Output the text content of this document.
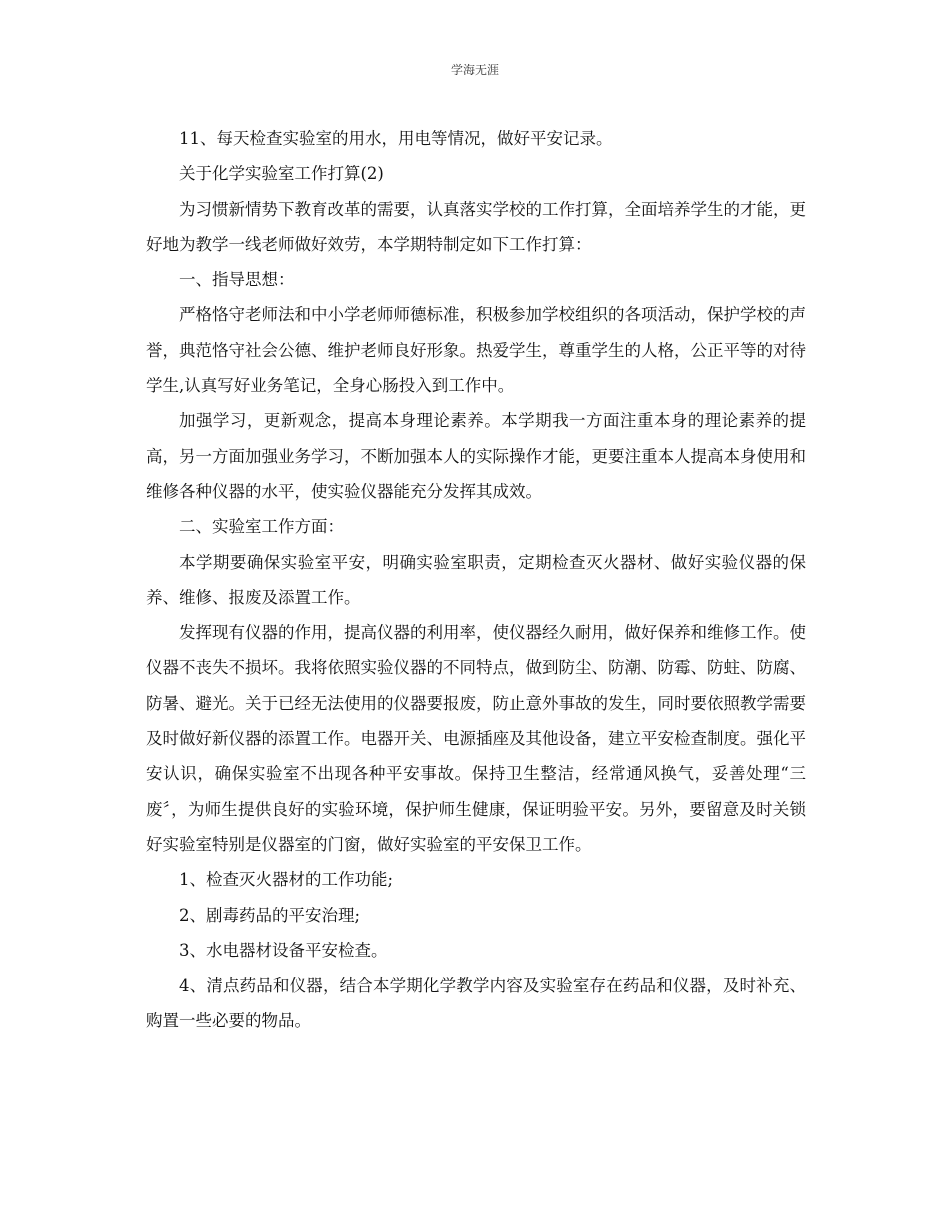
学海无涯

11、每天检查实验室的用水，用电等情况，做好平安记录。

关于化学实验室工作打算(2)

为习惯新情势下教育改革的需要，认真落实学校的工作打算，全面培养学生的才能，更好地为教学一线老师做好效劳，本学期特制定如下工作打算：

一、指导思想：

严格恪守老师法和中小学老师师德标准，积极参加学校组织的各项活动，保护学校的声誉，典范恪守社会公德、维护老师良好形象。热爱学生，尊重学生的人格，公正平等的对待学生,认真写好业务笔记，全身心肠投入到工作中。

加强学习，更新观念，提高本身理论素养。本学期我一方面注重本身的理论素养的提高，另一方面加强业务学习，不断加强本人的实际操作才能，更要注重本人提高本身使用和维修各种仪器的水平，使实验仪器能充分发挥其成效。

二、实验室工作方面：

本学期要确保实验室平安，明确实验室职责，定期检查灭火器材、做好实验仪器的保养、维修、报废及添置工作。

发挥现有仪器的作用，提高仪器的利用率，使仪器经久耐用，做好保养和维修工作。使仪器不丧失不损坏。我将依照实验仪器的不同特点，做到防尘、防潮、防霉、防蛀、防腐、防暑、避光。关于已经无法使用的仪器要报废，防止意外事故的发生，同时要依照教学需要及时做好新仪器的添置工作。电器开关、电源插座及其他设备，建立平安检查制度。强化平安认识，确保实验室不出现各种平安事故。保持卫生整洁，经常通风换气，妥善处理“三废〞，为师生提供良好的实验环境，保护师生健康，保证明验平安。另外，要留意及时关锁好实验室特别是仪器室的门窗，做好实验室的平安保卫工作。

1、检查灭火器材的工作功能;

2、剧毒药品的平安治理;

3、水电器材设备平安检查。

4、清点药品和仪器，结合本学期化学教学内容及实验室存在药品和仪器，及时补充、购置一些必要的物品。
